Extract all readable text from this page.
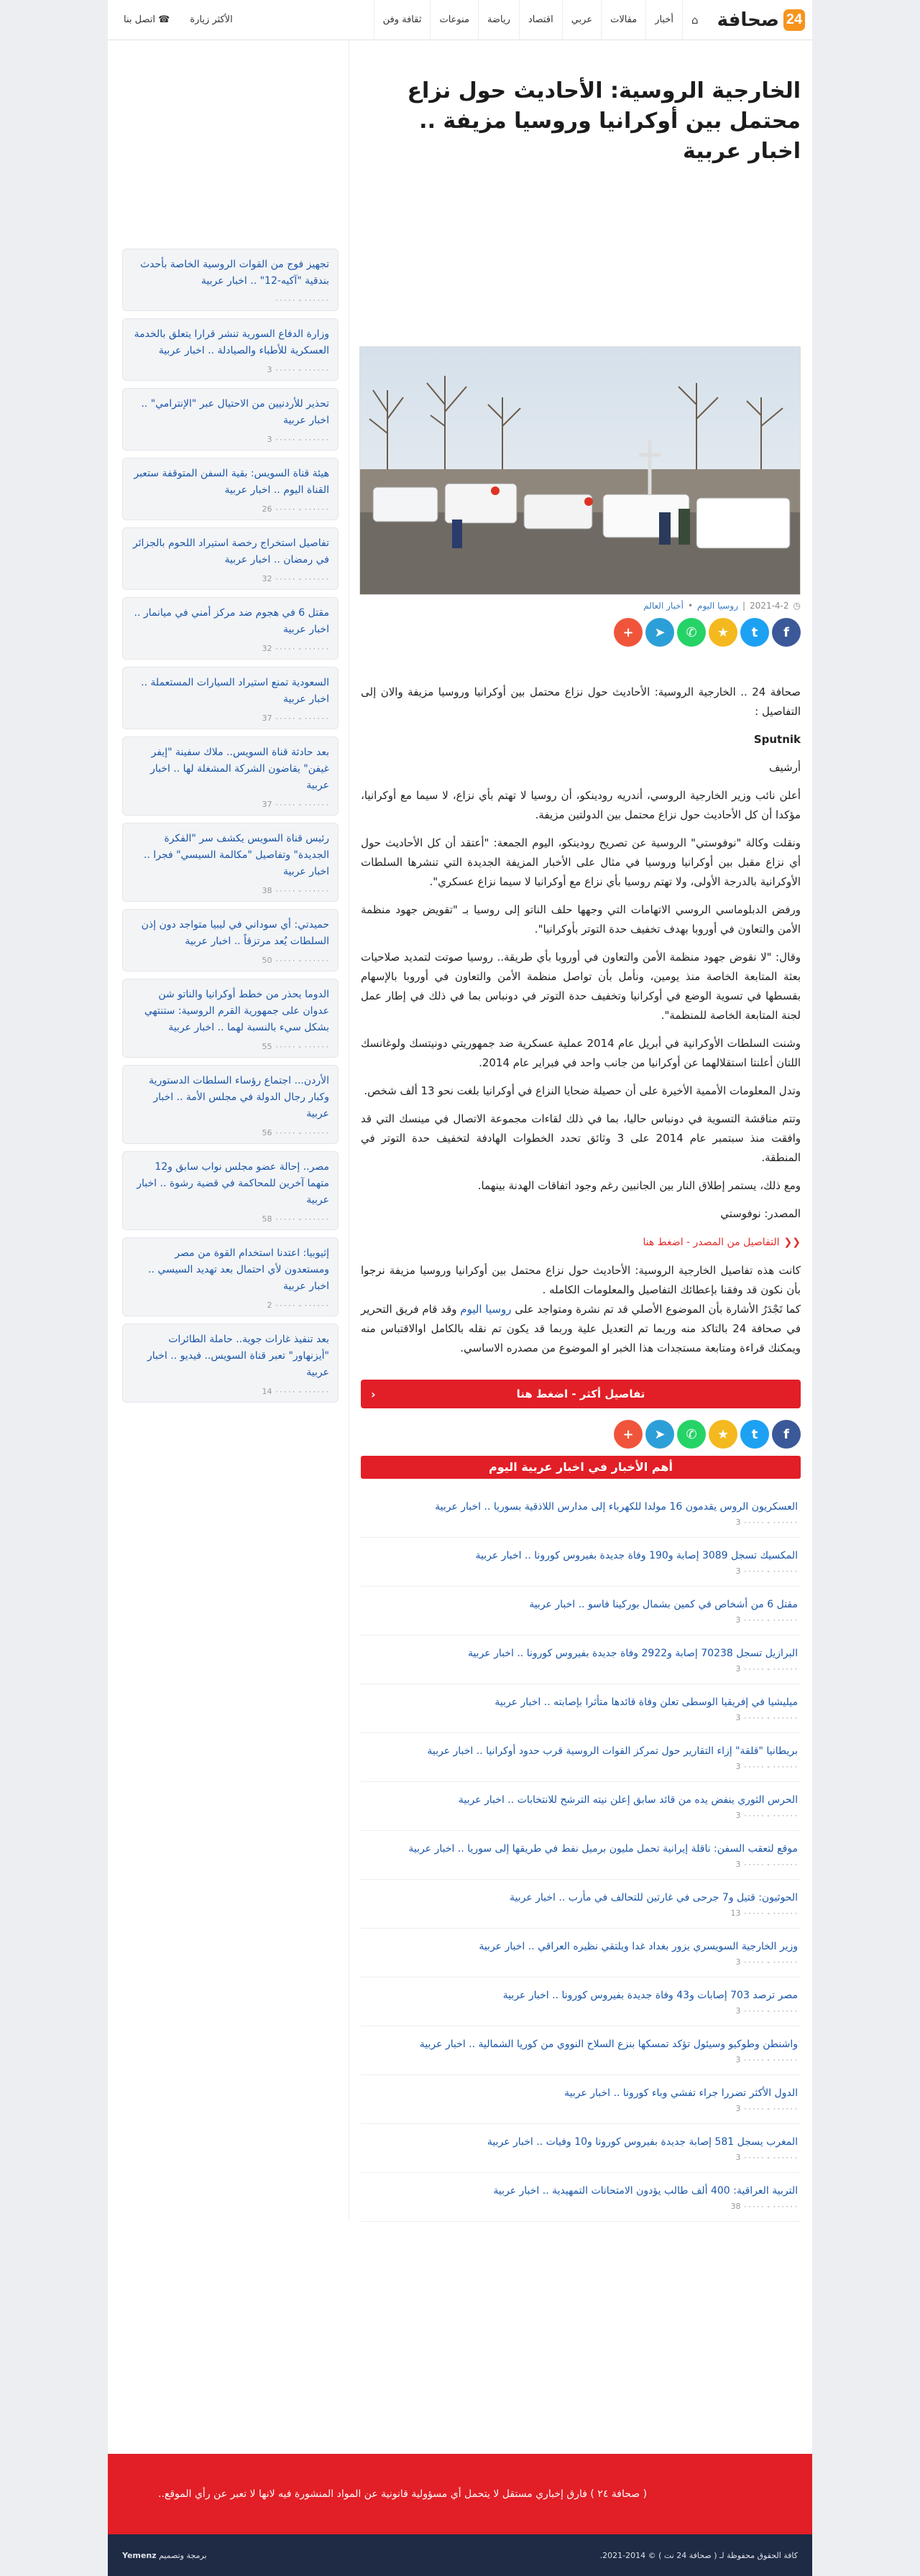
24
صحافة
⌂
أخبار
مقالات
عربي
اقتصاد
رياضة
منوعات
ثقافة وفن
الأكثر زيارة
☎
اتصل بنا
الخارجية الروسية: الأحاديث حول نزاع محتمل بين أوكرانيا وروسيا مزيفة .. اخبار عربية
◷
2021-4-2
|
روسيا اليوم
•
أخبار العالم
f
t
★
✆
➤
+

صحافة 24 .. الخارجية الروسية: الأحاديث حول نزاع محتمل بين أوكرانيا وروسيا مزيفة والان إلى التفاصيل :

Sputnik

أرشيف

أعلن نائب وزير الخارجية الروسي، أندريه رودينكو، أن روسيا لا تهتم بأي نزاع، لا سيما مع أوكرانيا، مؤكدا أن كل الأحاديث حول نزاع محتمل بين الدولتين مزيفة.

ونقلت وكالة "نوفوستي" الروسية عن تصريح رودينكو، اليوم الجمعة: "أعتقد أن كل الأحاديث حول أي نزاع مقبل بين أوكرانيا وروسيا في مثال على الأخبار المزيفة الجديدة التي تنشرها السلطات الأوكرانية بالدرجة الأولى، ولا تهتم روسيا بأي نزاع مع أوكرانيا لا سيما نزاع عسكري".

ورفض الدبلوماسي الروسي الاتهامات التي وجهها حلف الناتو إلى روسيا بـ "تقويض جهود منظمة الأمن والتعاون في أوروبا بهدف تخفيف حدة التوتر بأوكرانيا".

وقال: "لا نقوض جهود منظمة الأمن والتعاون في أوروبا بأي طريقة.. روسيا صوتت لتمديد صلاحيات بعثة المتابعة الخاصة منذ يومين، ونأمل بأن تواصل منظمة الأمن والتعاون في أوروبا بالإسهام بقسطها في تسوية الوضع في أوكرانيا وتخفيف حدة التوتر في دونباس بما في ذلك في إطار عمل لجنة المتابعة الخاصة للمنظمة".

وشنت السلطات الأوكرانية في أبريل عام 2014 عملية عسكرية ضد جمهوريتي دونيتسك ولوغانسك اللتان أعلنتا استقلالهما عن أوكرانيا من جانب واحد في فبراير عام 2014.

وتدل المعلومات الأممية الأخيرة على أن حصيلة ضحايا النزاع في أوكرانيا بلغت نحو 13 ألف شخص.

وتتم مناقشة التسوية في دونباس حاليا، بما في ذلك لقاءات مجموعة الاتصال في مينسك التي قد وافقت منذ سبتمبر عام 2014 على 3 وثائق تحدد الخطوات الهادفة لتخفيف حدة التوتر في المنطقة.

ومع ذلك، يستمر إطلاق النار بين الجانبين رغم وجود اتفاقات الهدنة بينهما.

المصدر: نوفوستي

❮❮
التفاصيل من المصدر - اضغط هنا

كانت هذه تفاصيل الخارجية الروسية: الأحاديث حول نزاع محتمل بين أوكرانيا وروسيا مزيفة نرجوا بأن نكون قد وفقنا بإعطائك التفاصيل والمعلومات الكامله .

كما تَجْدَرُ الأشارة بأن الموضوع الأصلي قد تم نشرة ومتواجد على روسيا اليوم وقد قام فريق التحرير في صحافة 24 بالتاكد منه وربما تم التعديل علية وربما قد يكون تم نقله بالكامل اوالاقتباس منه ويمكنك قراءة ومتابعة مستجدات هذا الخبر او الموضوع من مصدره الاساسي.

تفاصيل أكثر - اضغط هنا
‹
f
t
★
✆
➤
+
أهم الأخبار في اخبار عربية اليوم
العسكريون الروس يقدمون 16 مولدا للكهرباء إلى مدارس اللاذقية بسوريا .. اخبار عربية
٠٠٠٠٠٠ - ٠٠٠٠٠ 3
المكسيك تسجل 3089 إصابة و190 وفاة جديدة بفيروس كورونا .. اخبار عربية
٠٠٠٠٠٠ - ٠٠٠٠٠ 3
مقتل 6 من أشخاص في كمين بشمال بوركينا فاسو .. اخبار عربية
٠٠٠٠٠٠ - ٠٠٠٠٠ 3
البرازيل تسجل 70238 إصابة و2922 وفاة جديدة بفيروس كورونا .. اخبار عربية
٠٠٠٠٠٠ - ٠٠٠٠٠ 3
ميليشيا في إفريقيا الوسطى تعلن وفاة قائدها متأثرا بإصابته .. اخبار عربية
٠٠٠٠٠٠ - ٠٠٠٠٠ 3
بريطانيا "قلقة" إزاء التقارير حول تمركز القوات الروسية قرب حدود أوكرانيا .. اخبار عربية
٠٠٠٠٠٠ - ٠٠٠٠٠ 3
الحرس الثوري ينفض يده من قائد سابق إعلن نيته الترشح للانتخابات .. اخبار عربية
٠٠٠٠٠٠ - ٠٠٠٠٠ 3
موقع لتعقب السفن: ناقلة إيرانية تحمل مليون برميل نفط في طريقها إلى سوريا .. اخبار عربية
٠٠٠٠٠٠ - ٠٠٠٠٠ 3
الحوثيون: قتيل و7 جرحى في غارتين للتحالف في مأرب .. اخبار عربية
٠٠٠٠٠٠ - ٠٠٠٠٠ 13
وزير الخارجية السويسري يزور بغداد غدا ويلتقي نظيره العراقي .. اخبار عربية
٠٠٠٠٠٠ - ٠٠٠٠٠ 3
مصر ترصد 703 إصابات و43 وفاة جديدة بفيروس كورونا .. اخبار عربية
٠٠٠٠٠٠ - ٠٠٠٠٠ 3
واشنطن وطوكيو وسيئول تؤكد تمسكها بنزع السلاح النووي من كوريا الشمالية .. اخبار عربية
٠٠٠٠٠٠ - ٠٠٠٠٠ 3
الدول الأكثر تضررا جراء تفشي وباء كورونا .. اخبار عربية
٠٠٠٠٠٠ - ٠٠٠٠٠ 3
المغرب يسجل 581 إصابة جديدة بفيروس كورونا و10 وفيات .. اخبار عربية
٠٠٠٠٠٠ - ٠٠٠٠٠ 3
التربية العراقية: 400 ألف طالب يؤدون الامتحانات التمهيدية .. اخبار عربية
٠٠٠٠٠٠ - ٠٠٠٠٠ 38
تجهيز فوج من القوات الروسية الخاصة بأحدث بندقية "آكيه-12" .. اخبار عربية
٠٠٠٠٠٠ - ٠٠٠٠٠
وزارة الدفاع السورية تنشر قرارا يتعلق بالخدمة العسكرية للأطباء والصيادلة .. اخبار عربية
٠٠٠٠٠٠ - ٠٠٠٠٠ 3
تحذير للأردنيين من الاحتيال عبر "الإنترامي" .. اخبار عربية
٠٠٠٠٠٠ - ٠٠٠٠٠ 3
هيئة قناة السويس: بقية السفن المتوقفة ستعبر القناة اليوم .. اخبار عربية
٠٠٠٠٠٠ - ٠٠٠٠٠ 26
تفاصيل استخراج رخصة استيراد اللحوم بالجزائر في رمضان .. اخبار عربية
٠٠٠٠٠٠ - ٠٠٠٠٠ 32
مقتل 6 في هجوم ضد مركز أمني في ميانمار .. اخبار عربية
٠٠٠٠٠٠ - ٠٠٠٠٠ 32
السعودية تمنع استيراد السيارات المستعملة .. اخبار عربية
٠٠٠٠٠٠ - ٠٠٠٠٠ 37
بعد حادثة قناة السويس.. ملاك سفينة "إيفر غيفن" يقاضون الشركة المشغلة لها .. اخبار عربية
٠٠٠٠٠٠ - ٠٠٠٠٠ 37
رئيس قناة السويس يكشف سر "الفكرة الجديدة" وتفاصيل "مكالمة السيسي" فجرا .. اخبار عربية
٠٠٠٠٠٠ - ٠٠٠٠٠ 38
حميدتي: أي سوداني في ليبيا متواجد دون إذن السلطات يُعد مرتزقاً .. اخبار عربية
٠٠٠٠٠٠ - ٠٠٠٠٠ 50
الدوما يحذر من خطط أوكرانيا والناتو شن عدوان على جمهورية القرم الروسية: ستنتهي بشكل سيء بالنسبة لهما .. اخبار عربية
٠٠٠٠٠٠ - ٠٠٠٠٠ 55
الأردن... اجتماع رؤساء السلطات الدستورية وكبار رجال الدولة في مجلس الأمة .. اخبار عربية
٠٠٠٠٠٠ - ٠٠٠٠٠ 56
مصر.. إحالة عضو مجلس نواب سابق و12 متهما آخرين للمحاكمة في قضية رشوة .. اخبار عربية
٠٠٠٠٠٠ - ٠٠٠٠٠ 58
إثيوبيا: اعتدنا استخدام القوة من مصر ومستعدون لأي احتمال بعد تهديد السيسي .. اخبار عربية
٠٠٠٠٠٠ - ٠٠٠٠٠ 2
بعد تنفيذ غارات جوية.. حاملة الطائرات "أيزنهاور" تعبر قناة السويس.. فيديو .. اخبار عربية
٠٠٠٠٠٠ - ٠٠٠٠٠ 14
( صحافة ٢٤ ) فارق إخباري مستقل لا يتحمل أي مسؤولية قانونية عن المواد المنشورة فيه لانها لا تعبر عن رأي الموقع..
كافة الحقوق محفوظة لـ ( صحافة 24 نت ) © 2014-2021.
برمجة وتصميم Yemenz
